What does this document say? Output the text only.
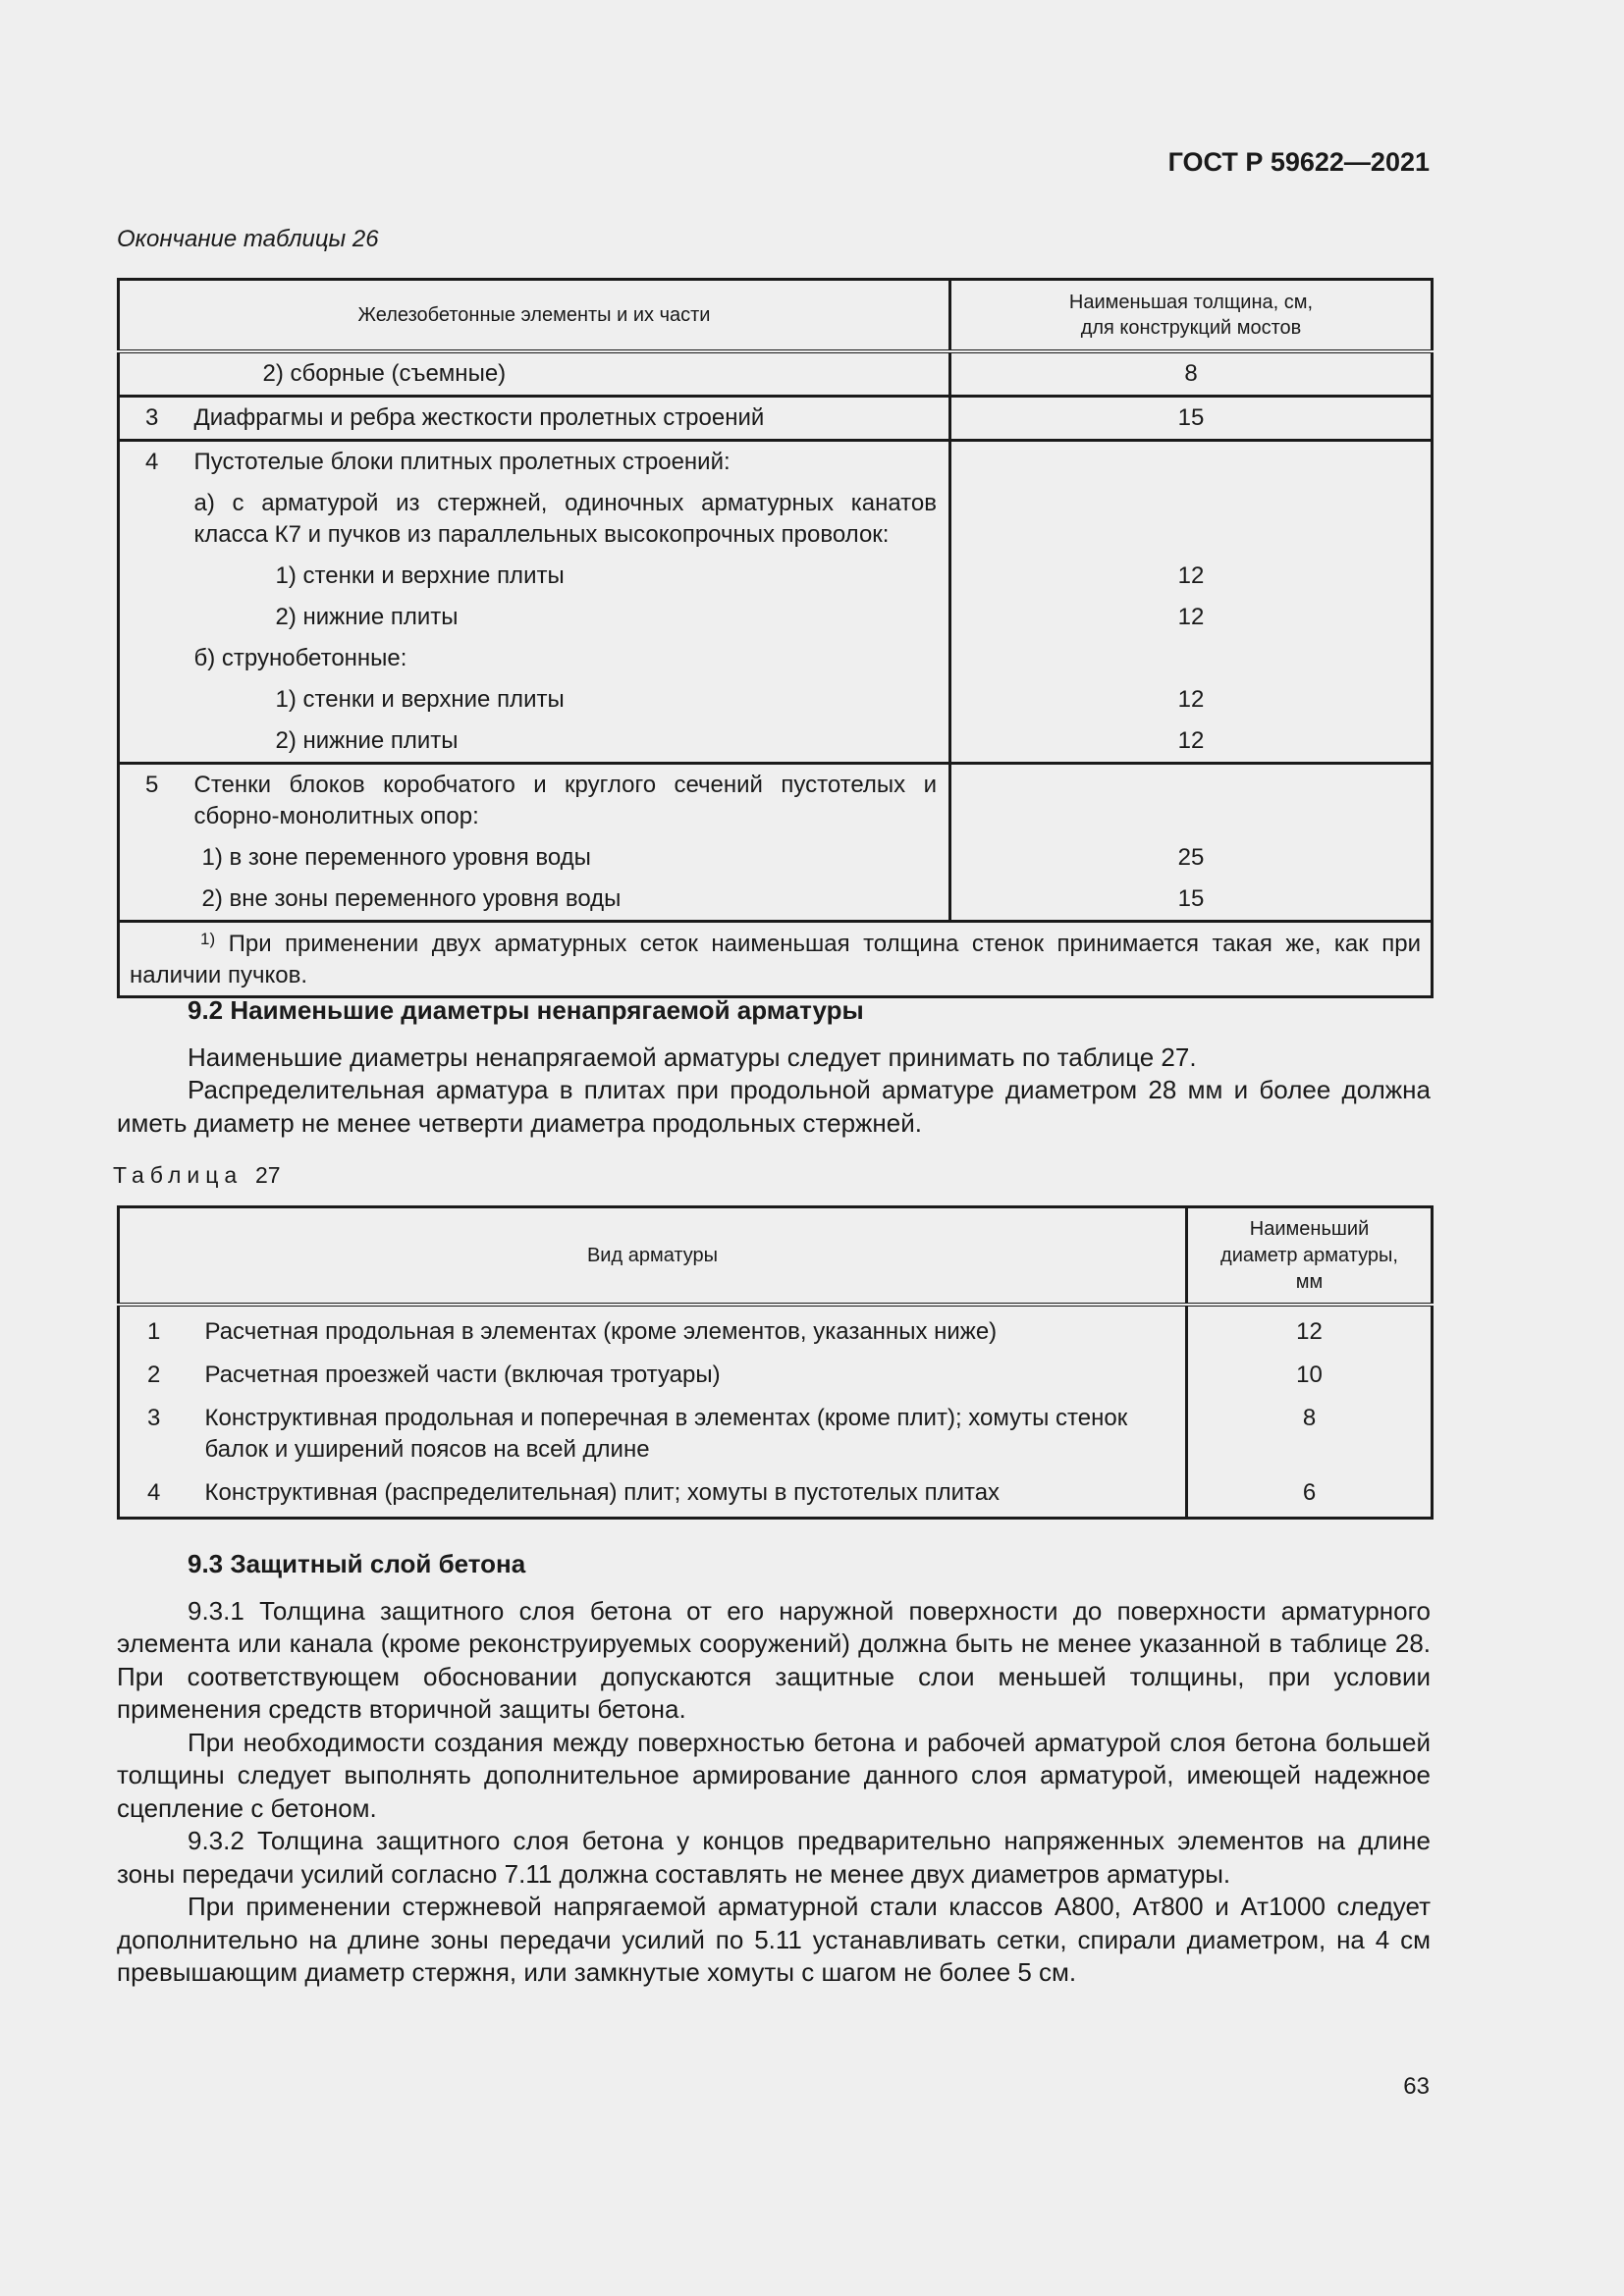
ГОСТ Р 59622—2021
Окончание таблицы 26
Железобетонные элементы и их части		Наименьшая толщина, см,
для конструкций мостов
	2) сборные (съемные)	8
3	Диафрагмы и ребра жесткости пролетных строений	15
4	Пустотелые блоки плитных пролетных строений:	
	а) с арматурой из стержней, одиночных арматурных канатов класса К7 и пучков из параллельных высокопрочных проволок:	
	1) стенки и верхние плиты	12
	2) нижние плиты	12
	б) струнобетонные:	
	1) стенки и верхние плиты	12
	2) нижние плиты	12
5	Стенки блоков коробчатого и круглого сечений пустотелых и сборно-монолитных опор:	
	1) в зоне переменного уровня воды	25
	2) вне зоны переменного уровня воды	15
$^{1)}$ При применении двух арматурных сеток наименьшая толщина стенок принимается такая же, как при наличии пучков.		

9.2 Наименьшие диаметры ненапрягаемой арматуры

Наименьшие диаметры ненапрягаемой арматуры следует принимать по таблице 27.

Распределительная арматура в плитах при продольной арматуре диаметром 28 мм и более должна иметь диаметр не менее четверти диаметра продольных стержней.

Таблица 27
Вид арматуры		Наименьший
диаметр арматуры,
мм
1	Расчетная продольная в элементах (кроме элементов, указанных ниже)	12
2	Расчетная проезжей части (включая тротуары)	10
3	Конструктивная продольная и поперечная в элементах (кроме плит); хомуты стенок балок и уширений поясов на всей длине	8
4	Конструктивная (распределительная) плит; хомуты в пустотелых плитах	6

9.3 Защитный слой бетона

9.3.1 Толщина защитного слоя бетона от его наружной поверхности до поверхности арматурного элемента или канала (кроме реконструируемых сооружений) должна быть не менее указанной в таблице 28. При соответствующем обосновании допускаются защитные слои меньшей толщины, при условии применения средств вторичной защиты бетона.

При необходимости создания между поверхностью бетона и рабочей арматурой слоя бетона большей толщины следует выполнять дополнительное армирование данного слоя арматурой, имеющей надежное сцепление с бетоном.

9.3.2 Толщина защитного слоя бетона у концов предварительно напряженных элементов на длине зоны передачи усилий согласно 7.11 должна составлять не менее двух диаметров арматуры.

При применении стержневой напрягаемой арматурной стали классов А800, Ат800 и Ат1000 следует дополнительно на длине зоны передачи усилий по 5.11 устанавливать сетки, спирали диаметром, на 4 см превышающим диаметр стержня, или замкнутые хомуты с шагом не более 5 см.

63
